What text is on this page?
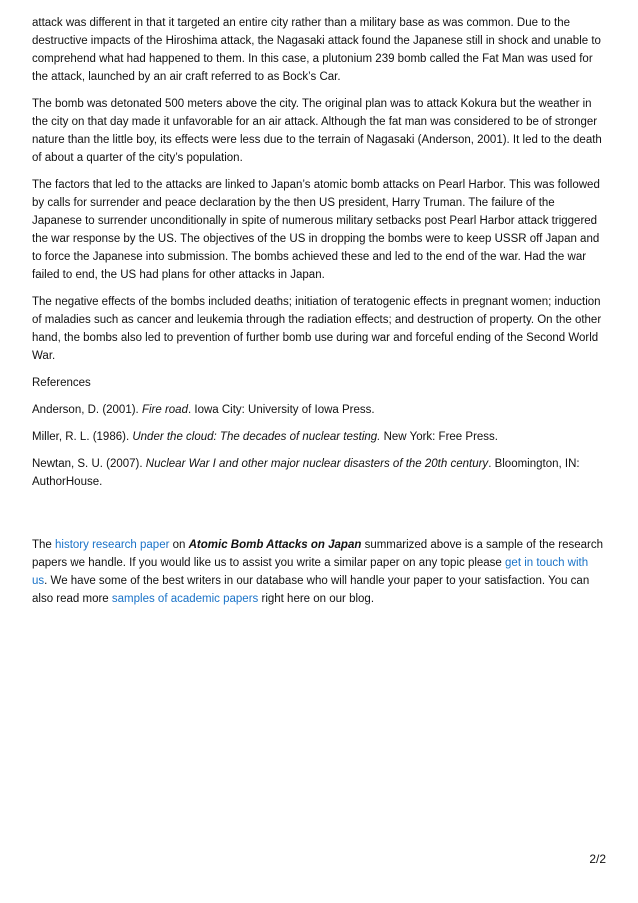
attack was different in that it targeted an entire city rather than a military base as was common. Due to the destructive impacts of the Hiroshima attack, the Nagasaki attack found the Japanese still in shock and unable to comprehend what had happened to them. In this case, a plutonium 239 bomb called the Fat Man was used for the attack, launched by an air craft referred to as Bock’s Car.

The bomb was detonated 500 meters above the city. The original plan was to attack Kokura but the weather in the city on that day made it unfavorable for an air attack. Although the fat man was considered to be of stronger nature than the little boy, its effects were less due to the terrain of Nagasaki (Anderson, 2001). It led to the death of about a quarter of the city’s population.

The factors that led to the attacks are linked to Japan’s atomic bomb attacks on Pearl Harbor. This was followed by calls for surrender and peace declaration by the then US president, Harry Truman. The failure of the Japanese to surrender unconditionally in spite of numerous military setbacks post Pearl Harbor attack triggered the war response by the US. The objectives of the US in dropping the bombs were to keep USSR off Japan and to force the Japanese into submission. The bombs achieved these and led to the end of the war. Had the war failed to end, the US had plans for other attacks in Japan.

The negative effects of the bombs included deaths; initiation of teratogenic effects in pregnant women; induction of maladies such as cancer and leukemia through the radiation effects; and destruction of property. On the other hand, the bombs also led to prevention of further bomb use during war and forceful ending of the Second World War.

References

Anderson, D. (2001). Fire road. Iowa City: University of Iowa Press.

Miller, R. L. (1986). Under the cloud: The decades of nuclear testing. New York: Free Press.

Newtan, S. U. (2007). Nuclear War I and other major nuclear disasters of the 20th century. Bloomington, IN: AuthorHouse.

The history research paper on Atomic Bomb Attacks on Japan summarized above is a sample of the research papers we handle. If you would like us to assist you write a similar paper on any topic please get in touch with us. We have some of the best writers in our database who will handle your paper to your satisfaction. You can also read more samples of academic papers right here on our blog.

2/2
